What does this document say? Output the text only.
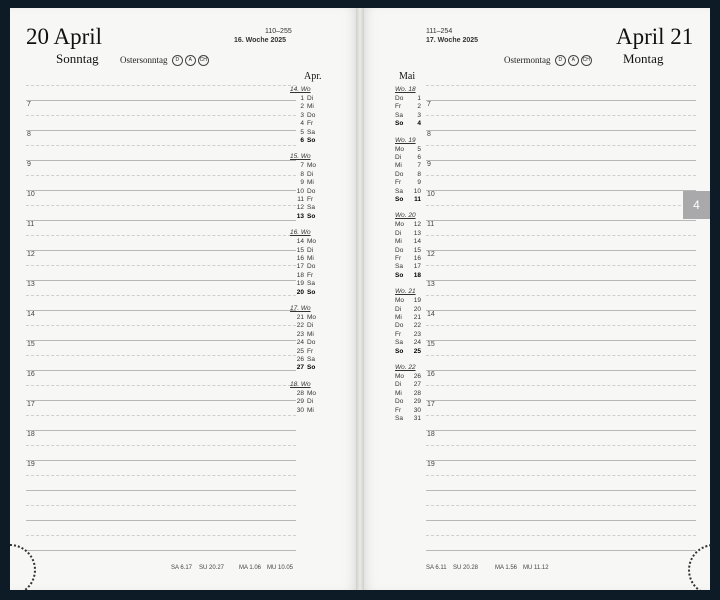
20 April	110–255
16. Woche 2025
Sonntag Ostersonntag D A CH
7
8
9
10
11
12
13
14
15
16
17
18
19
Apr.
14. Wo
1 Di
2 Mi
3 Do
4 Fr
5 Sa
6 So
15. Wo
7 Mo
8 Di
9 Mi
10 Do
11 Fr
12 Sa
13 So
16. Wo
14 Mo
15 Di
16 Mi
17 Do
18 Fr
19 Sa
20 So
17. Wo
21 Mo
22 Di
23 Mi
24 Do
25 Fr
26 Sa
27 So
18. Wo
28 Mo
29 Di
30 Mi
SA 6.17 SU 20.27 MA 1.06 MU 10.05
111–254
17. Woche 2025	April 21
Ostermontag D A CH	Montag
7
8
9
10
11
12
13
14
15
16
17
18
19
Mai
Wo. 18
Do 1
Fr 2
Sa 3
So 4
Wo. 19
Mo 5
Di 6
Mi 7
Do 8
Fr 9
Sa 10
So 11
Wo. 20
Mo 12
Di 13
Mi 14
Do 15
Fr 16
Sa 17
So 18
Wo. 21
Mo 19
Di 20
Mi 21
Do 22
Fr 23
Sa 24
So 25
Wo. 22
Mo 26
Di 27
Mi 28
Do 29
Fr 30
Sa 31
SA 6.11 SU 20.28	MA 1.56 MU 11.12
4
